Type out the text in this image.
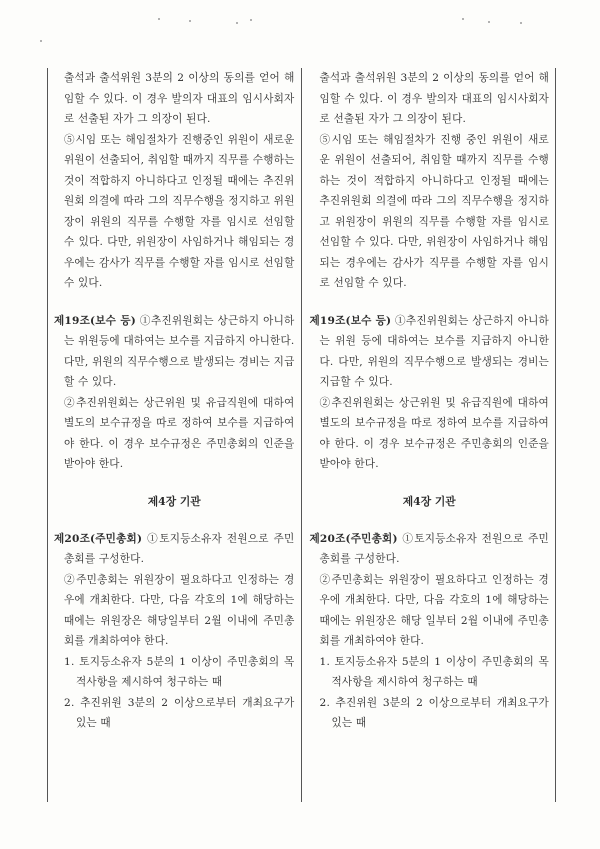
출석과 출석위원 3분의 2 이상의 동의를 얻어 해임할 수 있다. 이 경우 발의자 대표의 임시사회자로 선출된 자가 그 의장이 된다.

⑤시임 또는 해임절차가 진행중인 위원이 새로운 위원이 선출되어, 취임할 때까지 직무를 수행하는 것이 적합하지 아니하다고 인정될 때에는 추진위원회 의결에 따라 그의 직무수행을 정지하고 위원장이 위원의 직무를 수행할 자를 임시로 선임할 수 있다. 다만, 위원장이 사임하거나 해임되는 경우에는 감사가 직무를 수행할 자를 임시로 선임할 수 있다.

제19조(보수 등) ①추진위원회는 상근하지 아니하는 위원등에 대하여는 보수를 지급하지 아니한다. 다만, 위원의 직무수행으로 발생되는 경비는 지급할 수 있다.

②추진위원회는 상근위원 및 유급직원에 대하여 별도의 보수규정을 따로 정하여 보수를 지급하여야 한다. 이 경우 보수규정은 주민총회의 인준을 받아야 한다.

제4장 기관

제20조(주민총회) ①토지등소유자 전원으로 주민총회를 구성한다.

②주민총회는 위원장이 필요하다고 인정하는 경우에 개최한다. 다만, 다음 각호의 1에 해당하는 때에는 위원장은 해당일부터 2월 이내에 주민총회를 개최하여야 한다.

1. 토지등소유자 5분의 1 이상이 주민총회의 목적사항을 제시하여 청구하는 때

2. 추진위원 3분의 2 이상으로부터 개최요구가 있는 때

출석과 출석위원 3분의 2 이상의 동의를 얻어 해임할 수 있다. 이 경우 발의자 대표의 임시사회자로 선출된 자가 그 의장이 된다.

⑤시임 또는 해임절차가 진행 중인 위원이 새로운 위원이 선출되어, 취임할 때까지 직무를 수행하는 것이 적합하지 아니하다고 인정될 때에는 추진위원회 의결에 따라 그의 직무수행을 정지하고 위원장이 위원의 직무를 수행할 자를 임시로 선임할 수 있다. 다만, 위원장이 사임하거나 해임되는 경우에는 감사가 직무를 수행할 자를 임시로 선임할 수 있다.

제19조(보수 등) ①추진위원회는 상근하지 아니하는 위원 등에 대하여는 보수를 지급하지 아니한다. 다만, 위원의 직무수행으로 발생되는 경비는 지급할 수 있다.

②추진위원회는 상근위원 및 유급직원에 대하여 별도의 보수규정을 따로 정하여 보수를 지급하여야 한다. 이 경우 보수규정은 주민총회의 인준을 받아야 한다.

제4장 기관

제20조(주민총회) ①토지등소유자 전원으로 주민총회를 구성한다.

②주민총회는 위원장이 필요하다고 인정하는 경우에 개최한다. 다만, 다음 각호의 1에 해당하는 때에는 위원장은 해당 일부터 2월 이내에 주민총회를 개최하여야 한다.

1. 토지등소유자 5분의 1 이상이 주민총회의 목적사항을 제시하여 청구하는 때

2. 추진위원 3분의 2 이상으로부터 개최요구가 있는 때
